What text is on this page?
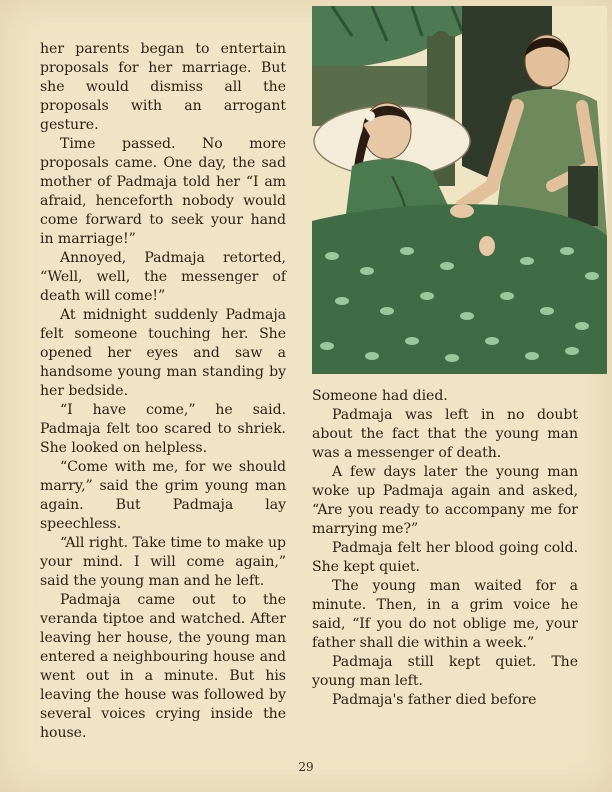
her parents began to entertain proposals for her marriage. But she would dismiss all the proposals with an arrogant gesture.

Time passed. No more proposals came. One day, the sad mother of Padmaja told her “I am afraid, henceforth nobody would come forward to seek your hand in marriage!”

Annoyed, Padmaja retorted, “Well, well, the messenger of death will come!”

At midnight suddenly Padmaja felt someone touching her. She opened her eyes and saw a handsome young man standing by her bedside.

“I have come,” he said. Padmaja felt too scared to shriek. She looked on helpless.

“Come with me, for we should marry,” said the grim young man again. But Padmaja lay speechless.

“All right. Take time to make up your mind. I will come again,” said the young man and he left.

Padmaja came out to the veranda tiptoe and watched. After leaving her house, the young man entered a neighbouring house and went out in a minute. But his leaving the house was followed by several voices crying inside the house.

Someone had died.

Padmaja was left in no doubt about the fact that the young man was a messenger of death.

A few days later the young man woke up Padmaja again and asked, “Are you ready to accompany me for marrying me?”

Padmaja felt her blood going cold. She kept quiet.

The young man waited for a minute. Then, in a grim voice he said, “If you do not oblige me, your father shall die within a week.”

Padmaja still kept quiet. The young man left.

Padmaja's father died before

29
